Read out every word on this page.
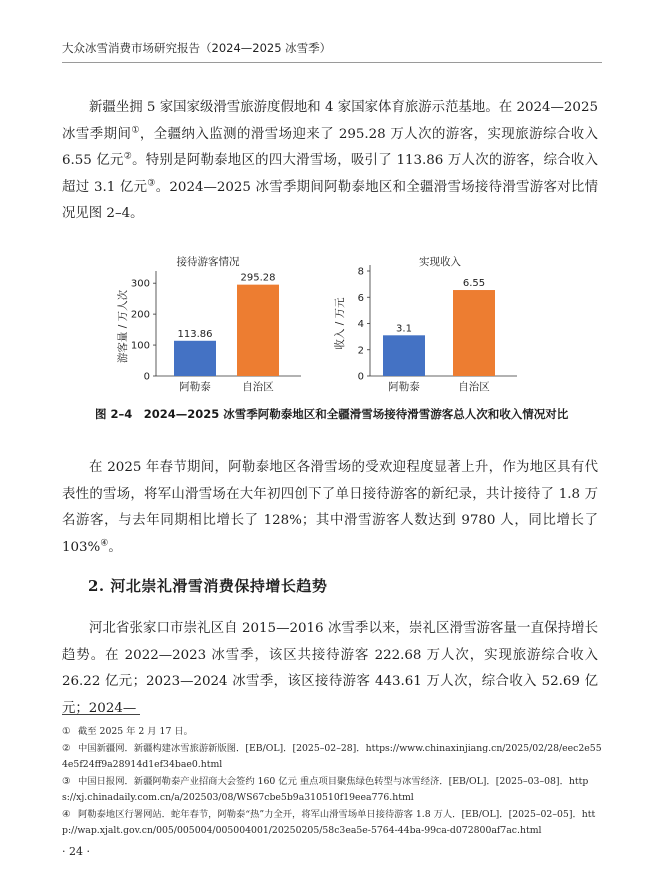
大众冰雪消费市场研究报告（2024—2025 冰雪季）

新疆坐拥 5 家国家级滑雪旅游度假地和 4 家国家体育旅游示范基地。在 2024—2025 冰雪季期间①，全疆纳入监测的滑雪场迎来了 295.28 万人次的游客，实现旅游综合收入 6.55 亿元②。特别是阿勒泰地区的四大滑雪场，吸引了 113.86 万人次的游客，综合收入超过 3.1 亿元③。2024—2025 冰雪季期间阿勒泰地区和全疆滑雪场接待滑雪游客对比情况见图 2–4。

接待游客情况
游客量 / 万人次
0
100
200
300
113.86
阿勒泰
295.28
自治区
实现收入
收入 / 万元
0
2
4
6
8
3.1
阿勒泰
6.55
自治区
图 2–4　2024—2025 冰雪季阿勒泰地区和全疆滑雪场接待滑雪游客总人次和收入情况对比

在 2025 年春节期间，阿勒泰地区各滑雪场的受欢迎程度显著上升，作为地区具有代表性的雪场，将军山滑雪场在大年初四创下了单日接待游客的新纪录，共计接待了 1.8 万名游客，与去年同期相比增长了 128%；其中滑雪游客人数达到 9780 人，同比增长了 103%④。

2. 河北崇礼滑雪消费保持增长趋势

河北省张家口市崇礼区自 2015—2016 冰雪季以来，崇礼区滑雪游客量一直保持增长趋势。在 2022—2023 冰雪季，该区共接待游客 222.68 万人次，实现旅游综合收入 26.22 亿元；2023—2024 冰雪季，该区接待游客 443.61 万人次，综合收入 52.69 亿元；2024—

① 截至 2025 年 2 月 17 日。

② 中国新疆网．新疆构建冰雪旅游新版图．[EB/OL]．[2025–02–28]．https://www.chinaxinjiang.cn/2025/02/28/eec2e554e5f24ff9a28914d1ef34bae0.html

③ 中国日报网．新疆阿勒泰产业招商大会签约 160 亿元 重点项目聚焦绿色转型与冰雪经济．[EB/OL]．[2025–03–08]．https://xj.chinadaily.com.cn/a/202503/08/WS67cbe5b9a310510f19eea776.html

④ 阿勒泰地区行署网站．蛇年春节，阿勒泰“热”力全开，将军山滑雪场单日接待游客 1.8 万人．[EB/OL]．[2025–02–05]．http://wap.xjalt.gov.cn/005/005004/005004001/20250205/58c3ea5e-5764-44ba-99ca-d072800af7ac.html

· 24 ·
